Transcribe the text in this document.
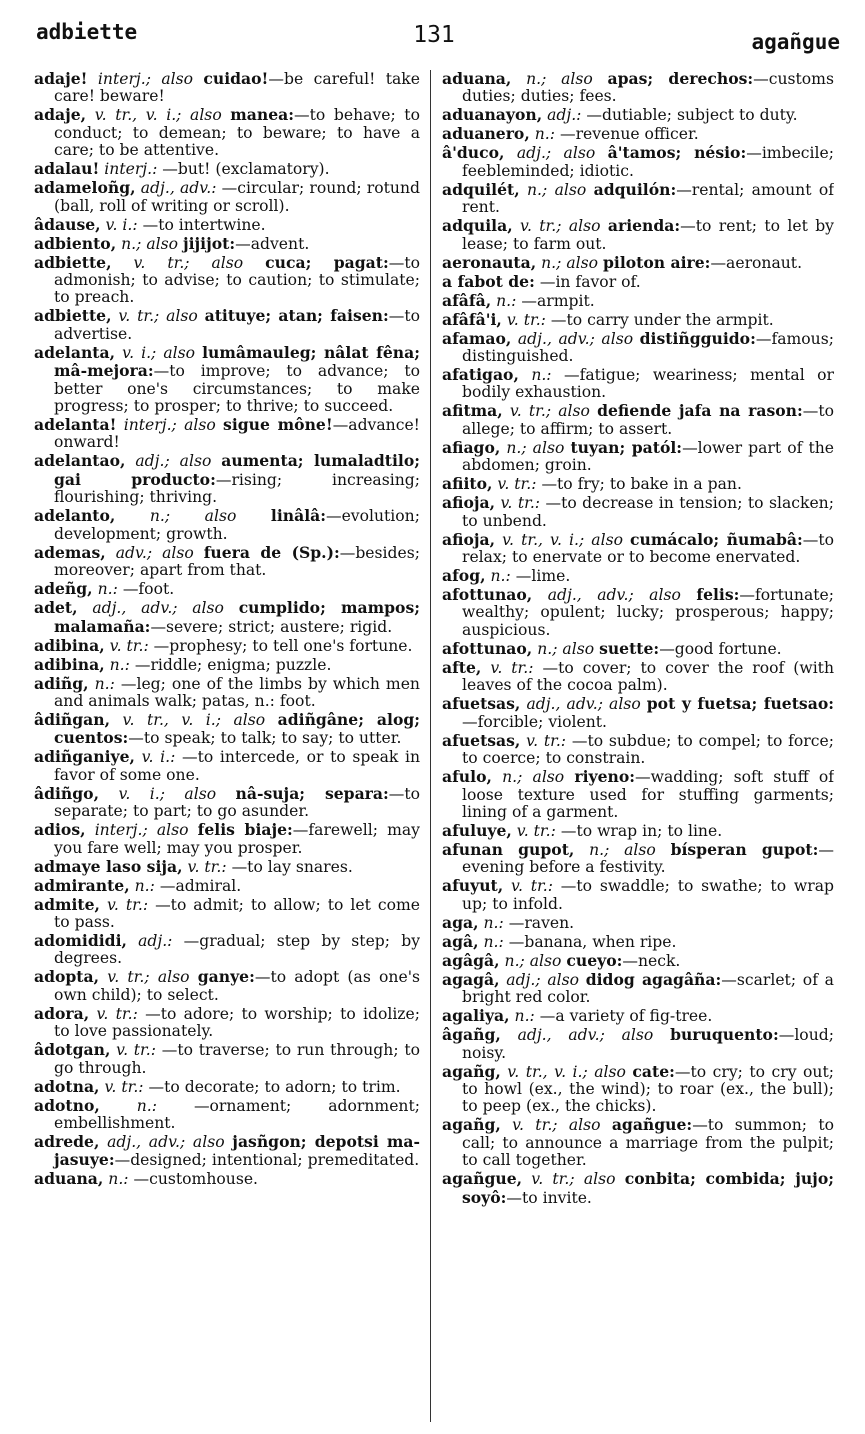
adbiette	131	agañgue

adaje! interj.; also cuidao!—be careful! take care! beware!

adaje, v. tr., v. i.; also manea:—to behave; to conduct; to demean; to beware; to have a care; to be attentive.

adalau! interj.: —but! (exclamatory).

adameloñg, adj., adv.: —circular; round; rotund (ball, roll of writing or scroll).

âdause, v. i.: —to intertwine.

adbiento, n.; also jijijot:—advent.

adbiette, v. tr.; also cuca; pagat:—to admonish; to advise; to caution; to stimulate; to preach.

adbiette, v. tr.; also atituye; atan; faisen:—to advertise.

adelanta, v. i.; also lumâmauleg; nâlat fêna; mâ-mejora:—to improve; to advance; to better one's circumstances; to make progress; to prosper; to thrive; to succeed.

adelanta! interj.; also sigue mône!—advance! onward!

adelantao, adj.; also aumenta; lumaladtilo; gai producto:—rising; increasing; flourishing; thriving.

adelanto, n.; also linâlâ:—evolution; development; growth.

ademas, adv.; also fuera de (Sp.):—besides; moreover; apart from that.

adeñg, n.: —foot.

adet, adj., adv.; also cumplido; mampos; malamaña:—severe; strict; austere; rigid.

adibina, v. tr.: —prophesy; to tell one's fortune.

adibina, n.: —riddle; enigma; puzzle.

adiñg, n.: —leg; one of the limbs by which men and animals walk; patas, n.: foot.

âdiñgan, v. tr., v. i.; also adiñgâne; alog; cuentos:—to speak; to talk; to say; to utter.

adiñganiye, v. i.: —to intercede, or to speak in favor of some one.

âdiñgo, v. i.; also nâ-suja; separa:—to separate; to part; to go asunder.

adios, interj.; also felis biaje:—farewell; may you fare well; may you prosper.

admaye laso sija, v. tr.: —to lay snares.

admirante, n.: —admiral.

admite, v. tr.: —to admit; to allow; to let come to pass.

adomididi, adj.: —gradual; step by step; by degrees.

adopta, v. tr.; also ganye:—to adopt (as one's own child); to select.

adora, v. tr.: —to adore; to worship; to idolize; to love passionately.

âdotgan, v. tr.: —to traverse; to run through; to go through.

adotna, v. tr.: —to decorate; to adorn; to trim.

adotno, n.: —ornament; adornment; embellishment.

adrede, adj., adv.; also jasñgon; depotsi ma-jasuye:—designed; intentional; premeditated.

aduana, n.: —customhouse.

aduana, n.; also apas; derechos:—customs duties; duties; fees.

aduanayon, adj.: —dutiable; subject to duty.

aduanero, n.: —revenue officer.

â'duco, adj.; also â'tamos; nésio:—imbecile; feebleminded; idiotic.

adquilét, n.; also adquilón:—rental; amount of rent.

adquila, v. tr.; also arienda:—to rent; to let by lease; to farm out.

aeronauta, n.; also piloton aire:—aeronaut.

a fabot de: —in favor of.

afâfâ, n.: —armpit.

afâfâ'i, v. tr.: —to carry under the armpit.

afamao, adj., adv.; also distiñgguido:—famous; distinguished.

afatigao, n.: —fatigue; weariness; mental or bodily exhaustion.

afitma, v. tr.; also defiende jafa na rason:—to allege; to affirm; to assert.

afiago, n.; also tuyan; patól:—lower part of the abdomen; groin.

afiito, v. tr.: —to fry; to bake in a pan.

afioja, v. tr.: —to decrease in tension; to slacken; to unbend.

afioja, v. tr., v. i.; also cumácalo; ñumabâ:—to relax; to enervate or to become enervated.

afog, n.: —lime.

afottunao, adj., adv.; also felis:—fortunate; wealthy; opulent; lucky; prosperous; happy; auspicious.

afottunao, n.; also suette:—good fortune.

afte, v. tr.: —to cover; to cover the roof (with leaves of the cocoa palm).

afuetsas, adj., adv.; also pot y fuetsa; fuetsao:—forcible; violent.

afuetsas, v. tr.: —to subdue; to compel; to force; to coerce; to constrain.

afulo, n.; also riyeno:—wadding; soft stuff of loose texture used for stuffing garments; lining of a garment.

afuluye, v. tr.: —to wrap in; to line.

afunan gupot, n.; also bísperan gupot:—evening before a festivity.

afuyut, v. tr.: —to swaddle; to swathe; to wrap up; to infold.

aga, n.: —raven.

agâ, n.: —banana, when ripe.

agâgâ, n.; also cueyo:—neck.

agagâ, adj.; also didog agagâña:—scarlet; of a bright red color.

agaliya, n.: —a variety of fig-tree.

âgañg, adj., adv.; also buruquento:—loud; noisy.

agañg, v. tr., v. i.; also cate:—to cry; to cry out; to howl (ex., the wind); to roar (ex., the bull); to peep (ex., the chicks).

agañg, v. tr.; also agañgue:—to summon; to call; to announce a marriage from the pulpit; to call together.

agañgue, v. tr.; also conbita; combida; jujo; soyô:—to invite.
